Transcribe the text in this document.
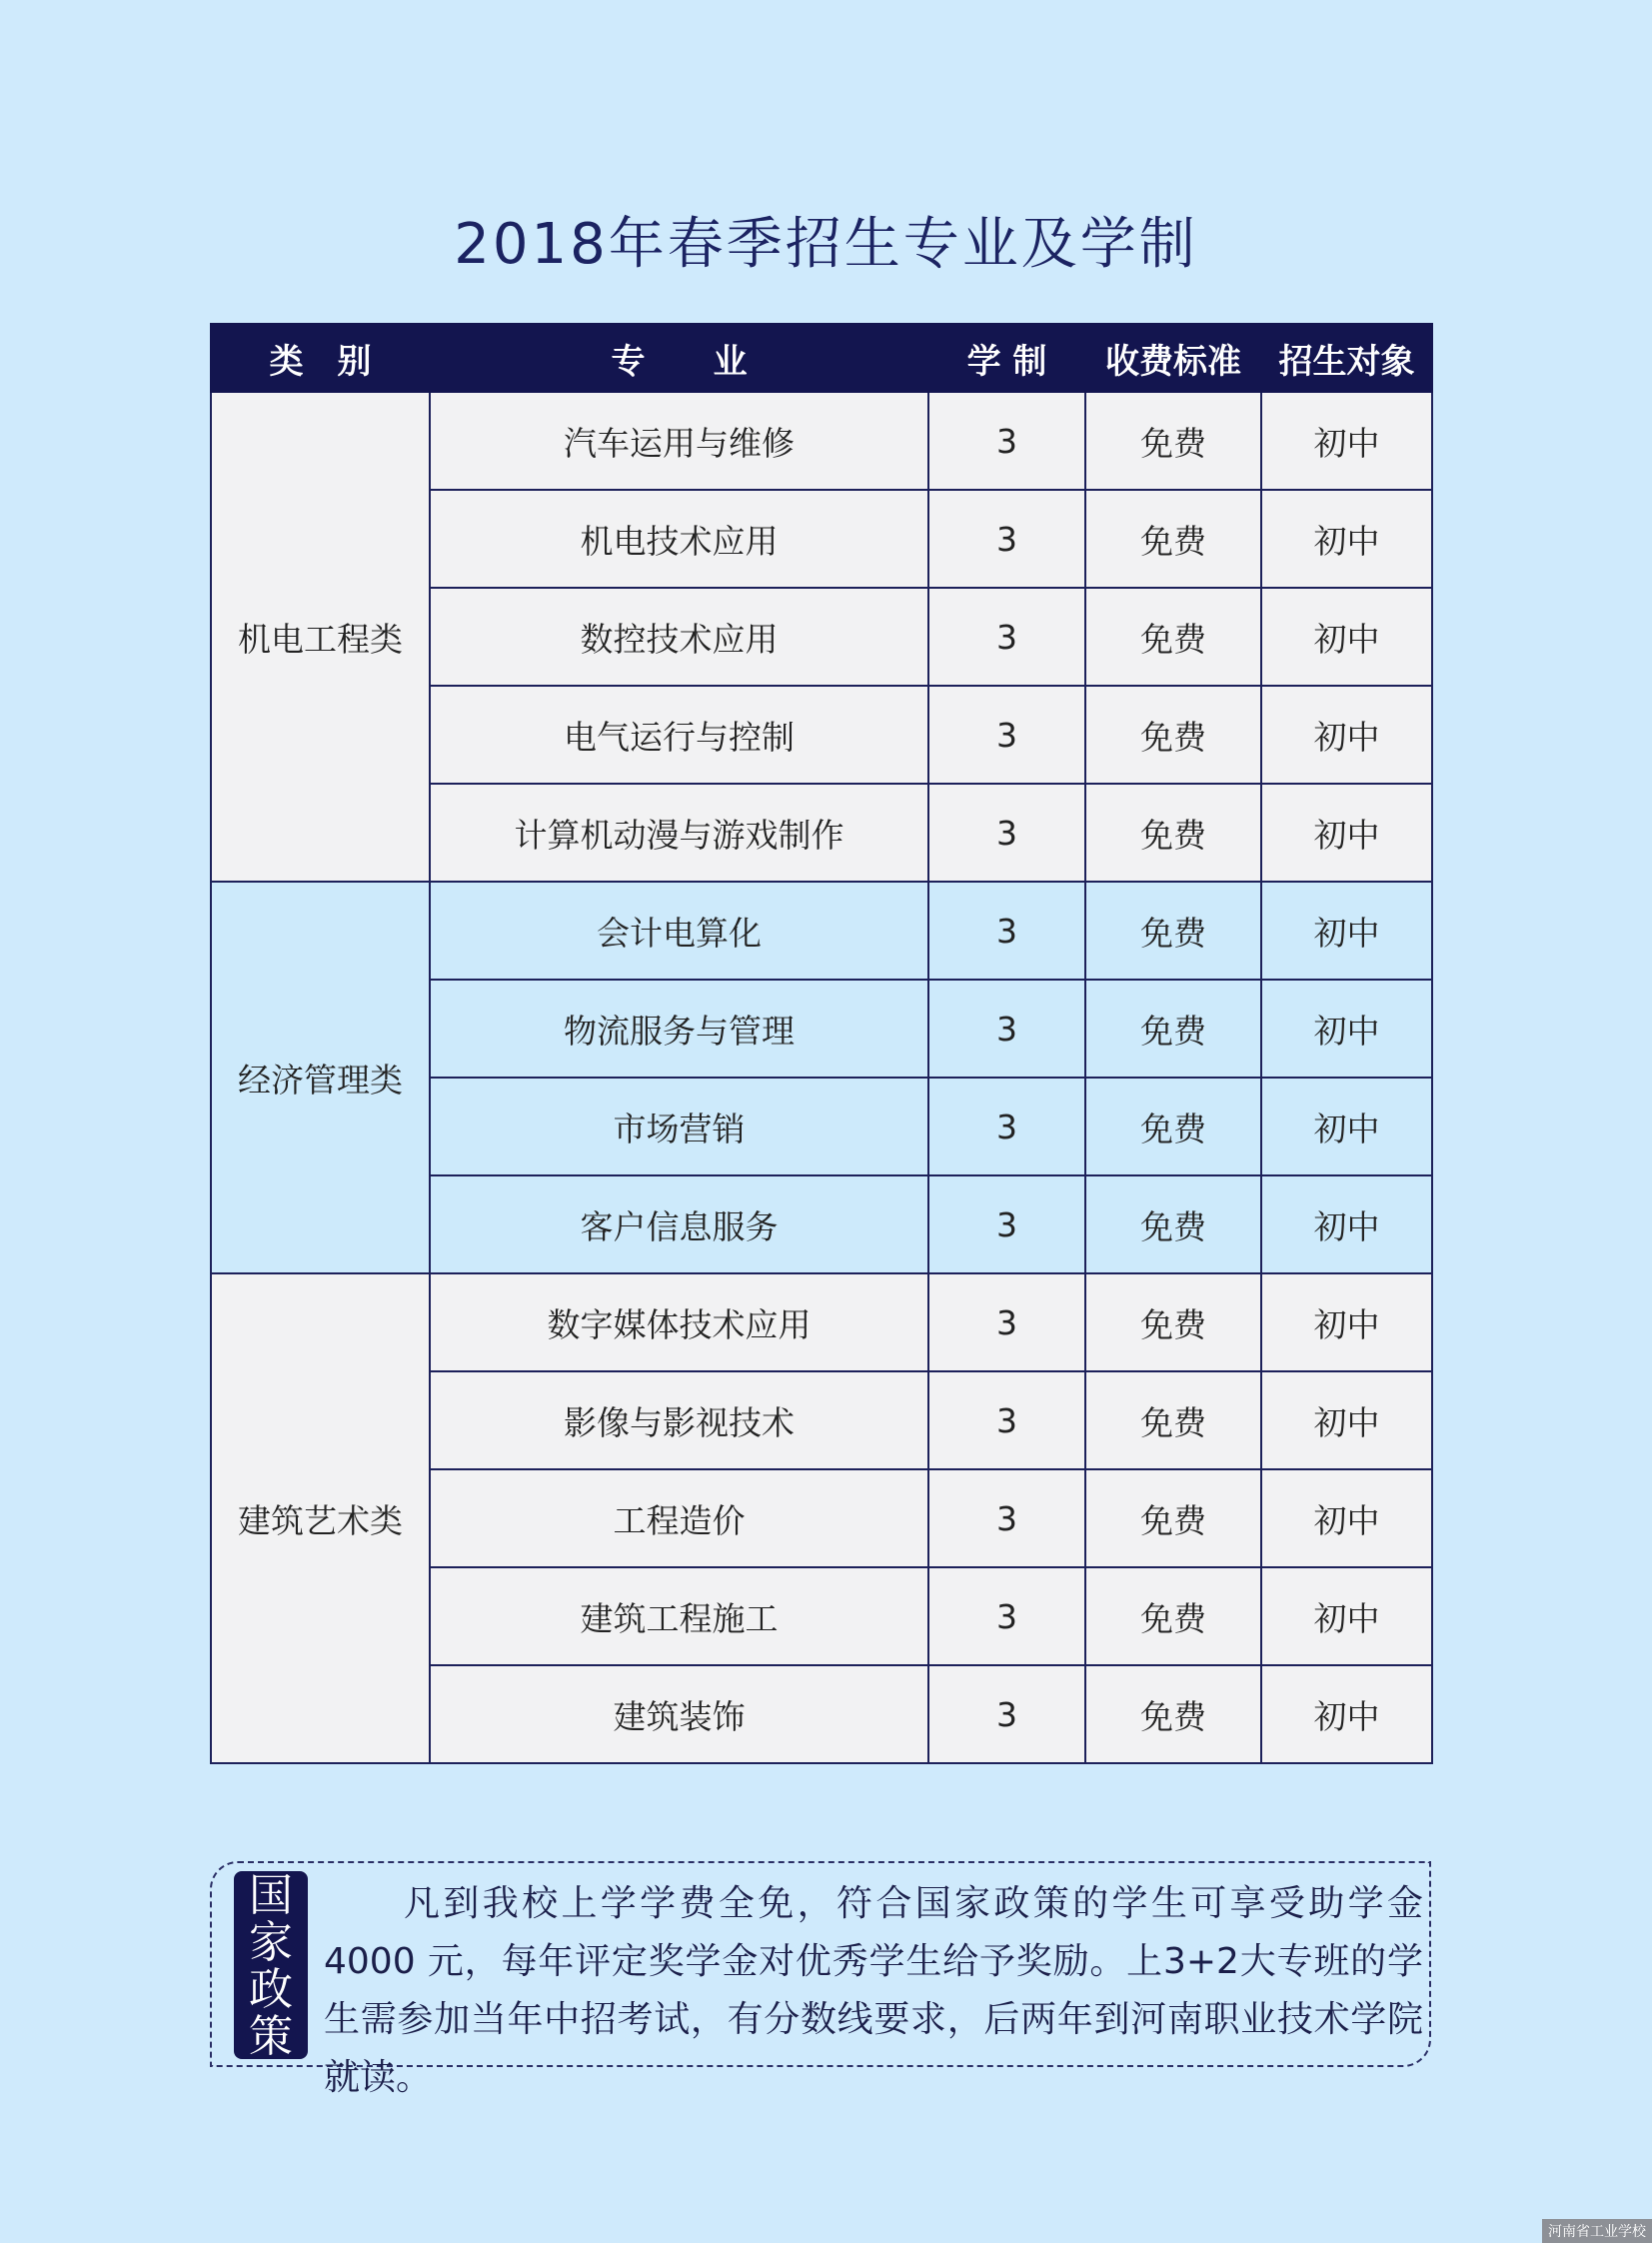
2018年春季招生专业及学制
类　别	专　　业	学 制	收费标准	招生对象
机电工程类	汽车运用与维修	3	免费	初中
	机电技术应用	3	免费	初中
	数控技术应用	3	免费	初中
	电气运行与控制	3	免费	初中
	计算机动漫与游戏制作	3	免费	初中
经济管理类	会计电算化	3	免费	初中
	物流服务与管理	3	免费	初中
	市场营销	3	免费	初中
	客户信息服务	3	免费	初中
建筑艺术类	数字媒体技术应用	3	免费	初中
	影像与影视技术	3	免费	初中
	工程造价	3	免费	初中
	建筑工程施工	3	免费	初中
	建筑装饰	3	免费	初中
国
家
政
策

凡到我校上学学费全免，符合国家政策的学生可享受助学金 4000 元，每年评定奖学金对优秀学生给予奖励。上3+2大专班的学生需参加当年中招考试，有分数线要求，后两年到河南职业技术学院就读。

河南省工业学校
